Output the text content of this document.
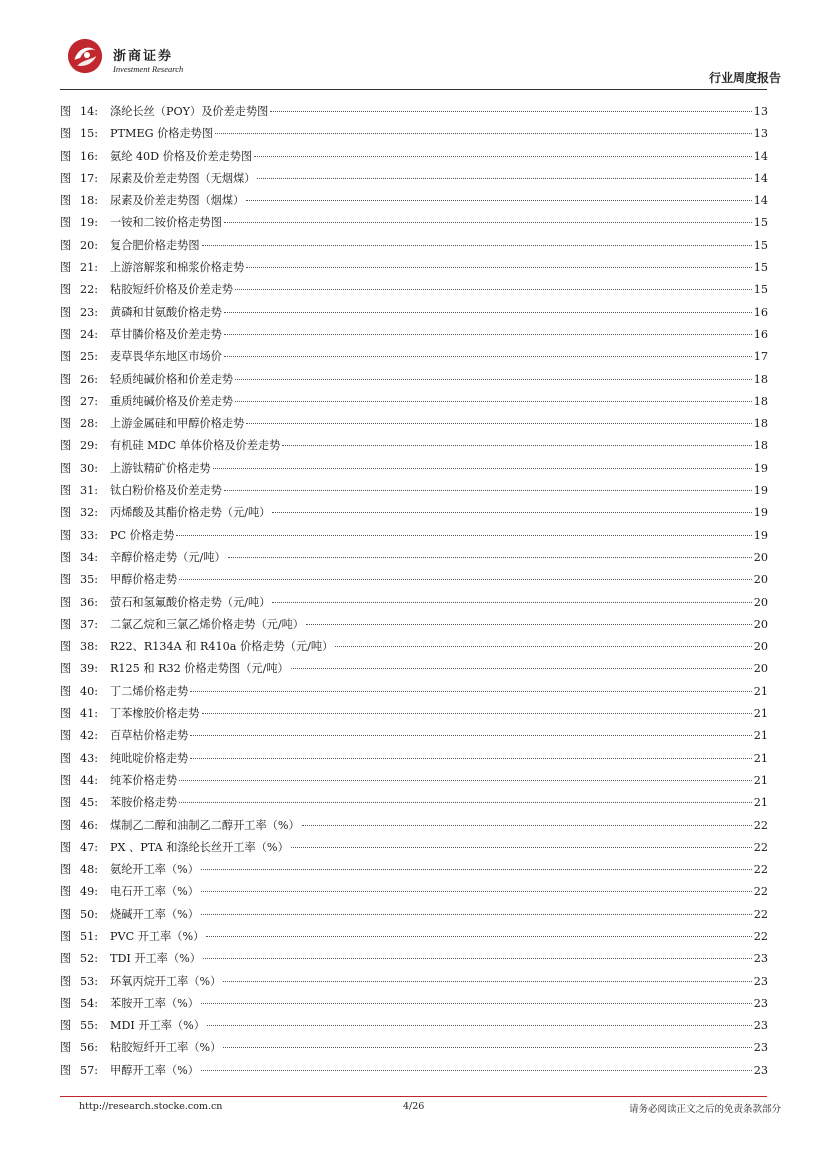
浙商证券
Investment Research
行业周度报告
图 14:	涤纶长丝（POY）及价差走势图	13
图 15:	PTMEG 价格走势图	13
图 16:	氨纶 40D 价格及价差走势图	14
图 17:	尿素及价差走势图（无烟煤）	14
图 18:	尿素及价差走势图（烟煤）	14
图 19:	一铵和二铵价格走势图	15
图 20:	复合肥价格走势图	15
图 21:	上游溶解浆和棉浆价格走势	15
图 22:	粘胶短纤价格及价差走势	15
图 23:	黄磷和甘氨酸价格走势	16
图 24:	草甘膦价格及价差走势	16
图 25:	麦草畏华东地区市场价	17
图 26:	轻质纯碱价格和价差走势	18
图 27:	重质纯碱价格及价差走势	18
图 28:	上游金属硅和甲醇价格走势	18
图 29:	有机硅 MDC 单体价格及价差走势	18
图 30:	上游钛精矿价格走势	19
图 31:	钛白粉价格及价差走势	19
图 32:	丙烯酸及其酯价格走势（元/吨）	19
图 33:	PC 价格走势	19
图 34:	辛醇价格走势（元/吨）	20
图 35:	甲醇价格走势	20
图 36:	萤石和氢氟酸价格走势（元/吨）	20
图 37:	二氯乙烷和三氯乙烯价格走势（元/吨）	20
图 38:	R22、R134A 和 R410a 价格走势（元/吨）	20
图 39:	R125 和 R32 价格走势图（元/吨）	20
图 40:	丁二烯价格走势	21
图 41:	丁苯橡胶价格走势	21
图 42:	百草枯价格走势	21
图 43:	纯吡啶价格走势	21
图 44:	纯苯价格走势	21
图 45:	苯胺价格走势	21
图 46:	煤制乙二醇和油制乙二醇开工率（%）	22
图 47:	PX 、PTA 和涤纶长丝开工率（%）	22
图 48:	氨纶开工率（%）	22
图 49:	电石开工率（%）	22
图 50:	烧碱开工率（%）	22
图 51:	PVC 开工率（%）	22
图 52:	TDI 开工率（%）	23
图 53:	环氧丙烷开工率（%）	23
图 54:	苯胺开工率（%）	23
图 55:	MDI 开工率（%）	23
图 56:	粘胶短纤开工率（%）	23
图 57:	甲醇开工率（%）	23
http://research.stocke.com.cn	4/26	请务必阅读正文之后的免责条款部分
